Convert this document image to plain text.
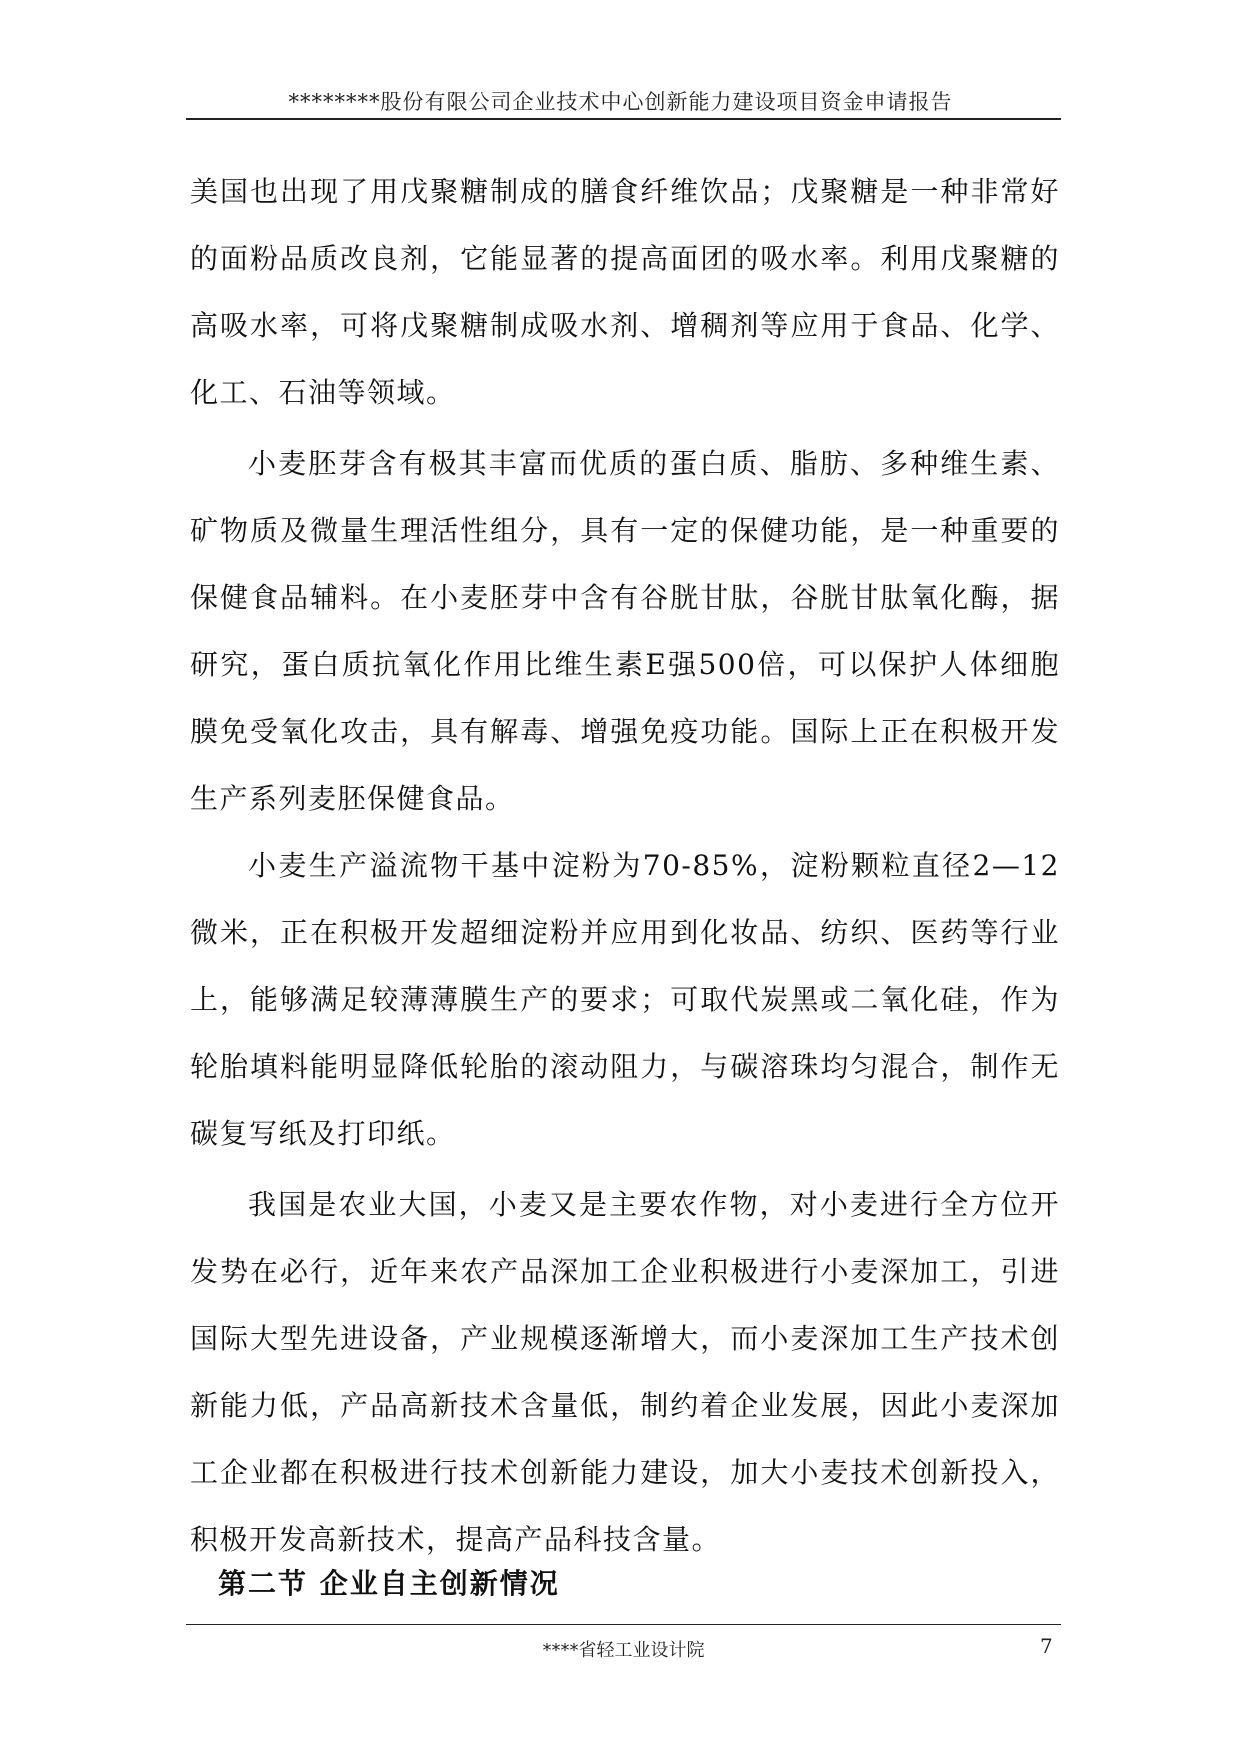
********股份有限公司企业技术中心创新能力建设项目资金申请报告

美国也出现了用戊聚糖制成的膳食纤维饮品；戊聚糖是一种非常好的面粉品质改良剂，它能显著的提高面团的吸水率。利用戊聚糖的高吸水率，可将戊聚糖制成吸水剂、增稠剂等应用于食品、化学、化工、石油等领域。

小麦胚芽含有极其丰富而优质的蛋白质、脂肪、多种维生素、矿物质及微量生理活性组分，具有一定的保健功能，是一种重要的保健食品辅料。在小麦胚芽中含有谷胱甘肽，谷胱甘肽氧化酶，据研究，蛋白质抗氧化作用比维生素E强500倍，可以保护人体细胞膜免受氧化攻击，具有解毒、增强免疫功能。国际上正在积极开发生产系列麦胚保健食品。

小麦生产溢流物干基中淀粉为70-85%，淀粉颗粒直径2—12微米，正在积极开发超细淀粉并应用到化妆品、纺织、医药等行业上，能够满足较薄薄膜生产的要求；可取代炭黑或二氧化硅，作为轮胎填料能明显降低轮胎的滚动阻力，与碳溶珠均匀混合，制作无碳复写纸及打印纸。

我国是农业大国，小麦又是主要农作物，对小麦进行全方位开发势在必行，近年来农产品深加工企业积极进行小麦深加工，引进国际大型先进设备，产业规模逐渐增大，而小麦深加工生产技术创新能力低，产品高新技术含量低，制约着企业发展，因此小麦深加工企业都在积极进行技术创新能力建设，加大小麦技术创新投入，积极开发高新技术，提高产品科技含量。

第二节 企业自主创新情况
****省轻工业设计院	7
